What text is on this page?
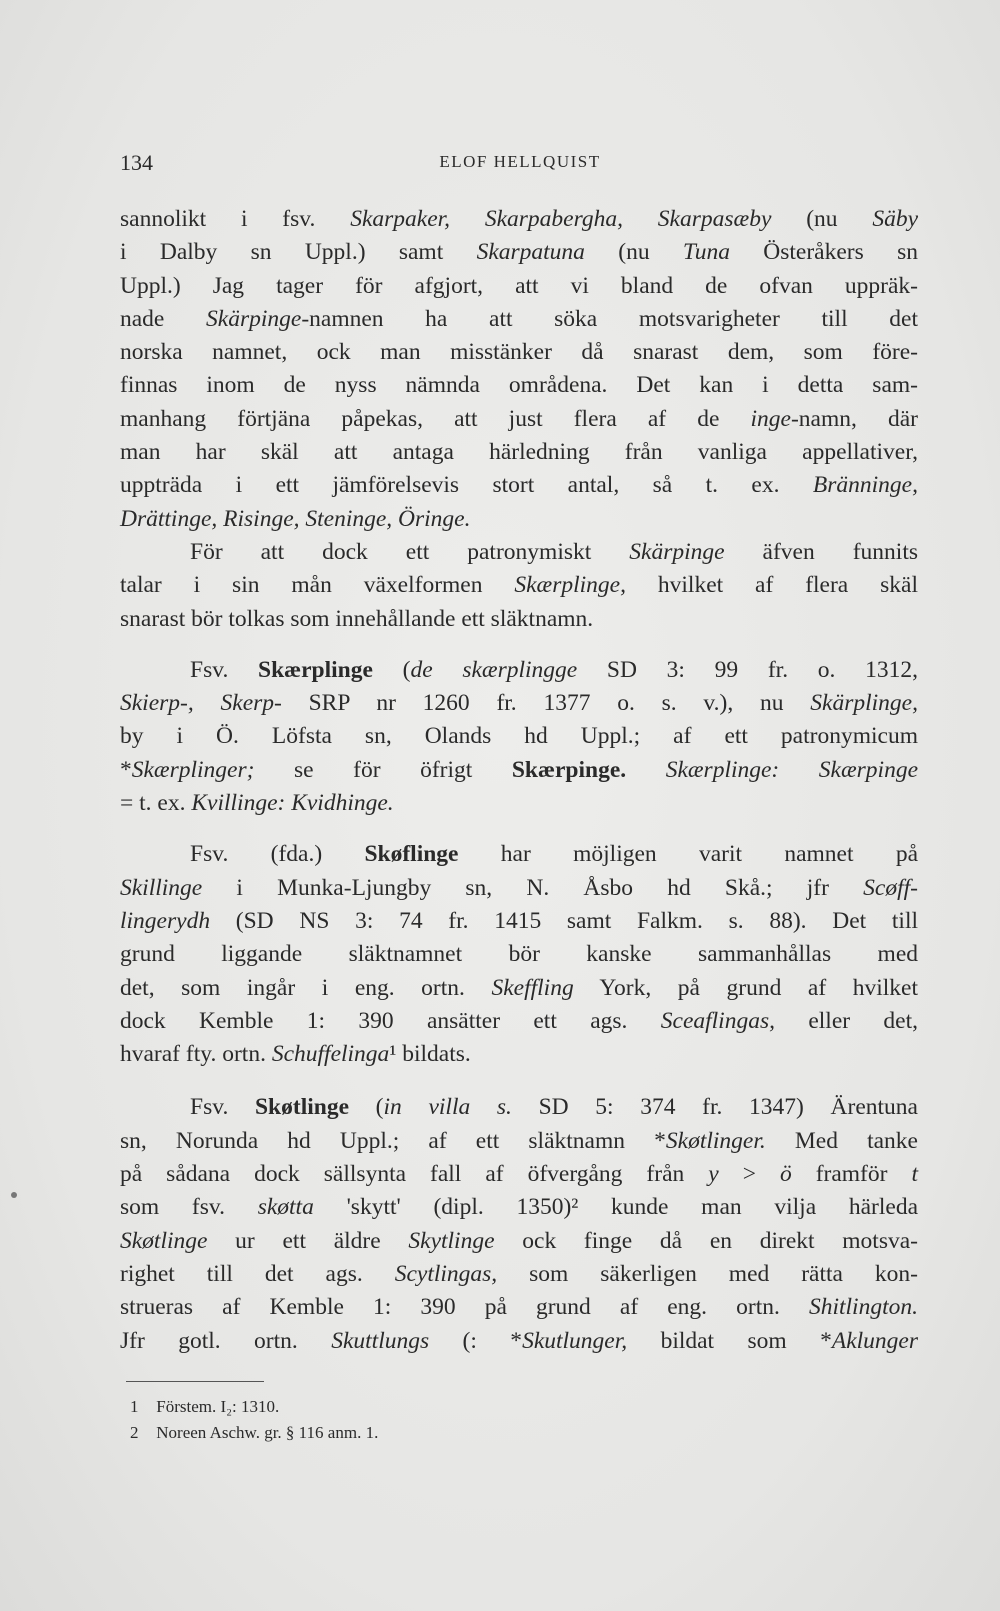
134	ELOF HELLQUIST
sannolikt i fsv. Skarpaker, Skarpabergha, Skarpasæby (nu Säby
i Dalby sn Uppl.) samt Skarpatuna (nu Tuna Österåkers sn
Uppl.) Jag tager för afgjort, att vi bland de ofvan uppräk-
nade Skärpinge-namnen ha att söka motsvarigheter till det
norska namnet, ock man misstänker då snarast dem, som före-
finnas inom de nyss nämnda områdena. Det kan i detta sam-
manhang förtjäna påpekas, att just flera af de inge-namn, där
man har skäl att antaga härledning från vanliga appellativer,
uppträda i ett jämförelsevis stort antal, så t. ex. Bränninge,
Drättinge, Risinge, Steninge, Öringe.
För att dock ett patronymiskt Skärpinge äfven funnits
talar i sin mån växelformen Skærplinge, hvilket af flera skäl
snarast bör tolkas som innehållande ett släktnamn.
Fsv. Skærplinge (de skærplingge SD 3: 99 fr. o. 1312,
Skierp-, Skerp- SRP nr 1260 fr. 1377 o. s. v.), nu Skärplinge,
by i Ö. Löfsta sn, Olands hd Uppl.; af ett patronymicum
*Skærplinger; se för öfrigt Skærpinge. Skærplinge: Skærpinge
= t. ex. Kvillinge: Kvidhinge.
Fsv. (fda.) Skøflinge har möjligen varit namnet på
Skillinge i Munka-Ljungby sn, N. Åsbo hd Skå.; jfr Scøff-
lingerydh (SD NS 3: 74 fr. 1415 samt Falkm. s. 88). Det till
grund liggande släktnamnet bör kanske sammanhållas med
det, som ingår i eng. ortn. Skeffling York, på grund af hvilket
dock Kemble 1: 390 ansätter ett ags. Sceaflingas, eller det,
hvaraf fty. ortn. Schuffelinga¹ bildats.
Fsv. Skøtlinge (in villa s. SD 5: 374 fr. 1347) Ärentuna
sn, Norunda hd Uppl.; af ett släktnamn *Skøtlinger. Med tanke
på sådana dock sällsynta fall af öfvergång från y > ö framför t
som fsv. skøtta 'skytt' (dipl. 1350)² kunde man vilja härleda
Skøtlinge ur ett äldre Skytlinge ock finge då en direkt motsva-
righet till det ags. Scytlingas, som säkerligen med rätta kon-
strueras af Kemble 1: 390 på grund af eng. ortn. Shitlington.
Jfr gotl. ortn. Skuttlungs (: *Skutlunger, bildat som *Aklunger
1 Förstem. I₂: 1310.
2 Noreen Aschw. gr. § 116 anm. 1.
